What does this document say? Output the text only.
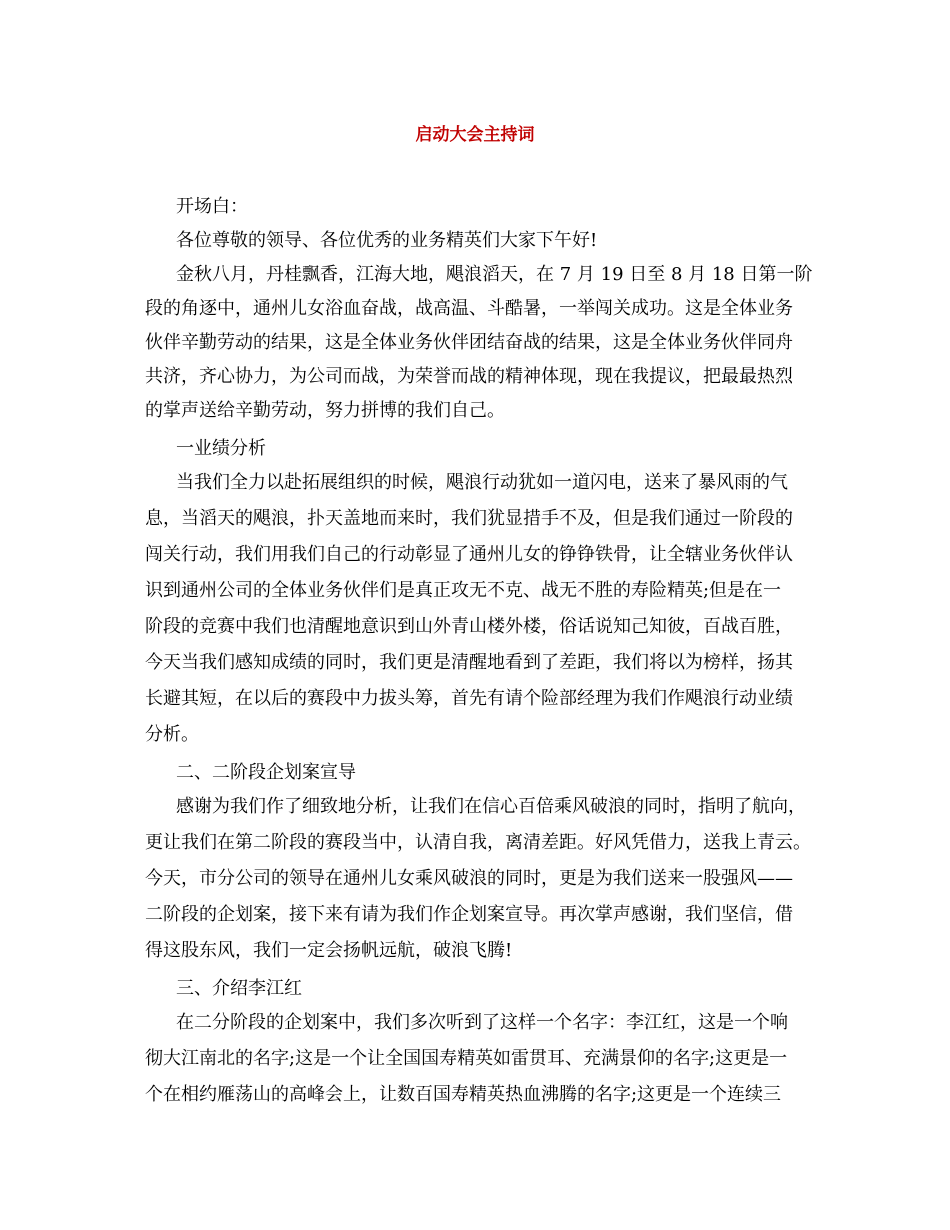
启动大会主持词
开场白：
各位尊敬的领导、各位优秀的业务精英们大家下午好!
金秋八月，丹桂飘香，江海大地，飓浪滔天，在 7 月 19 日至 8 月 18 日第一阶
段的角逐中，通州儿女浴血奋战，战高温、斗酷暑，一举闯关成功。这是全体业务
伙伴辛勤劳动的结果，这是全体业务伙伴团结奋战的结果，这是全体业务伙伴同舟
共济，齐心协力，为公司而战，为荣誉而战的精神体现，现在我提议，把最最热烈
的掌声送给辛勤劳动，努力拼博的我们自己。
一业绩分析
当我们全力以赴拓展组织的时候，飓浪行动犹如一道闪电，送来了暴风雨的气
息，当滔天的飓浪，扑天盖地而来时，我们犹显措手不及，但是我们通过一阶段的
闯关行动，我们用我们自己的行动彰显了通州儿女的铮铮铁骨，让全辖业务伙伴认
识到通州公司的全体业务伙伴们是真正攻无不克、战无不胜的寿险精英;但是在一
阶段的竞赛中我们也清醒地意识到山外青山楼外楼，俗话说知己知彼，百战百胜，
今天当我们感知成绩的同时，我们更是清醒地看到了差距，我们将以为榜样，扬其
长避其短，在以后的赛段中力拔头筹，首先有请个险部经理为我们作飓浪行动业绩
分析。
二、二阶段企划案宣导
感谢为我们作了细致地分析，让我们在信心百倍乘风破浪的同时，指明了航向，
更让我们在第二阶段的赛段当中，认清自我，离清差距。好风凭借力，送我上青云。
今天，市分公司的领导在通州儿女乘风破浪的同时，更是为我们送来一股强风——
二阶段的企划案，接下来有请为我们作企划案宣导。再次掌声感谢，我们坚信，借
得这股东风，我们一定会扬帆远航，破浪飞腾!
三、介绍李江红
在二分阶段的企划案中，我们多次听到了这样一个名字：李江红，这是一个响
彻大江南北的名字;这是一个让全国国寿精英如雷贯耳、充满景仰的名字;这更是一
个在相约雁荡山的高峰会上，让数百国寿精英热血沸腾的名字;这更是一个连续三
